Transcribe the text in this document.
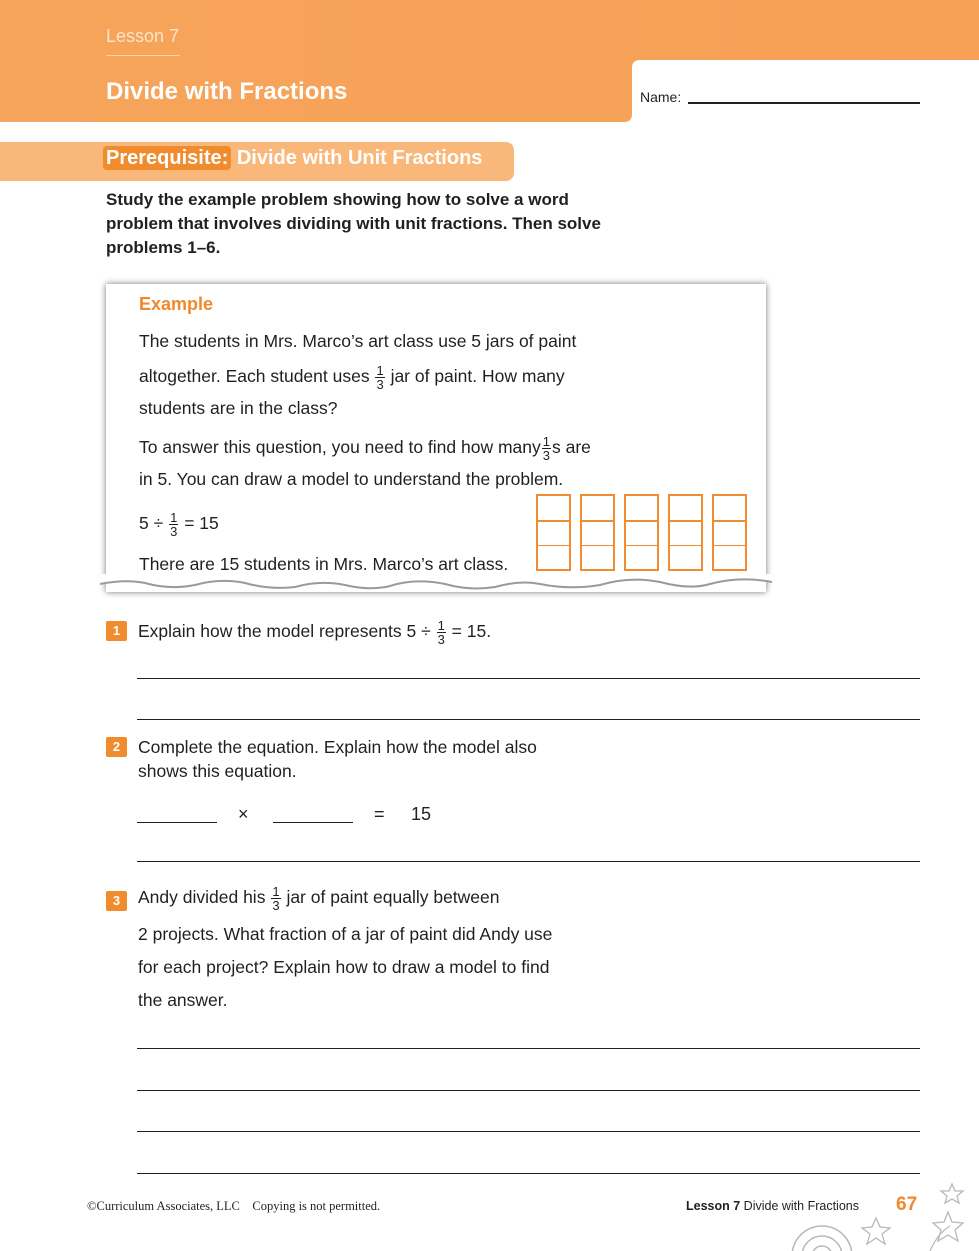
Lesson 7
Divide with Fractions	Name:
Prerequisite: Divide with Unit Fractions
Study the example problem showing how to solve a word problem that involves dividing with unit fractions. Then solve problems 1–6.
Example
The students in Mrs. Marco’s art class use 5 jars of paint
altogether. Each student uses $\frac{1}{3}$ jar of paint. How many
students are in the class?
To answer this question, you need to find how many $\frac{1}{3}$ s are
in 5. You can draw a model to understand the problem.
$5 \div \frac{1}{3} = 15$
There are 15 students in Mrs. Marco’s art class.
1	Explain how the model represents $5 \div \frac{1}{3} = 15$.
2	Complete the equation. Explain how the model also
shows this equation.
×	= 15
3	Andy divided his $\frac{1}{3}$ jar of paint equally between
2 projects. What fraction of a jar of paint did Andy use
for each project? Explain how to draw a model to find
the answer.
©Curriculum Associates, LLC    Copying is not permitted.	Lesson 7 Divide with Fractions 67
